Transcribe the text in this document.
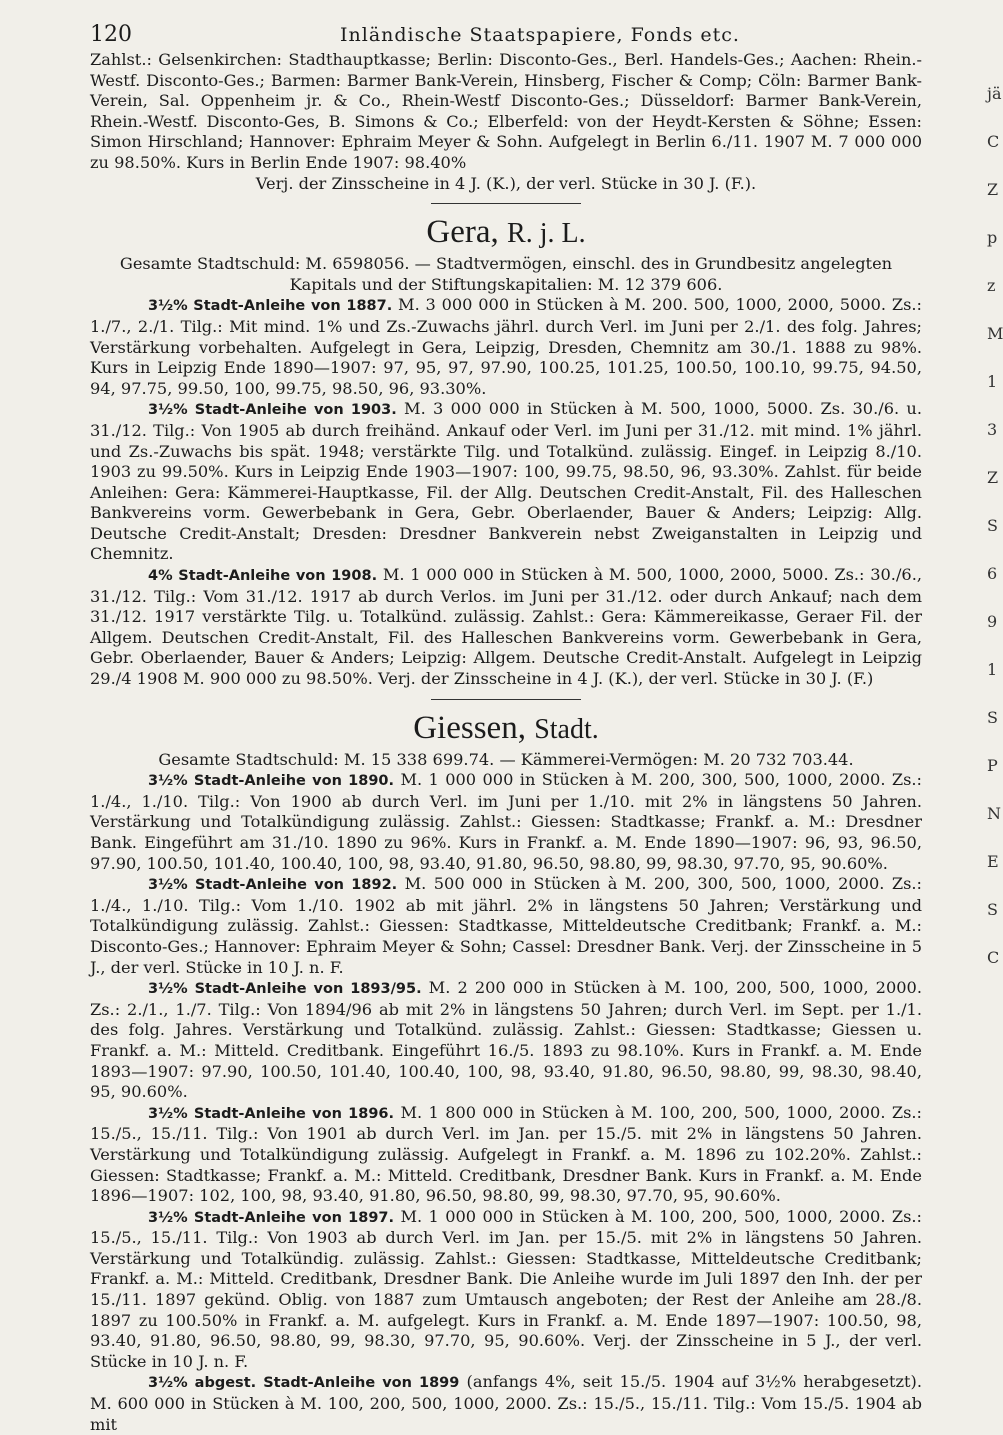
120	Inländische Staatspapiere, Fonds etc.

Zahlst.: Gelsenkirchen: Stadthauptkasse; Berlin: Disconto-Ges., Berl. Handels-Ges.; Aachen: Rhein.-Westf. Disconto-Ges.; Barmen: Barmer Bank-Verein, Hinsberg, Fischer & Comp; Cöln: Barmer Bank-Verein, Sal. Oppenheim jr. & Co., Rhein-Westf Disconto-Ges.; Düsseldorf: Barmer Bank-Verein, Rhein.-Westf. Disconto-Ges, B. Simons & Co.; Elberfeld: von der Heydt-Kersten & Söhne; Essen: Simon Hirschland; Hannover: Ephraim Meyer & Sohn. Aufgelegt in Berlin 6./11. 1907 M. 7 000 000 zu 98.50%. Kurs in Berlin Ende 1907: 98.40%

Verj. der Zinsscheine in 4 J. (K.), der verl. Stücke in 30 J. (F.).

Gera, R. j. L.

Gesamte Stadtschuld: M. 6598056. — Stadtvermögen, einschl. des in Grundbesitz angelegten Kapitals und der Stiftungskapitalien: M. 12 379 606.

3½% Stadt-Anleihe von 1887. M. 3 000 000 in Stücken à M. 200. 500, 1000, 2000, 5000. Zs.: 1./7., 2./1. Tilg.: Mit mind. 1% und Zs.-Zuwachs jährl. durch Verl. im Juni per 2./1. des folg. Jahres; Verstärkung vorbehalten. Aufgelegt in Gera, Leipzig, Dresden, Chemnitz am 30./1. 1888 zu 98%. Kurs in Leipzig Ende 1890—1907: 97, 95, 97, 97.90, 100.25, 101.25, 100.50, 100.10, 99.75, 94.50, 94, 97.75, 99.50, 100, 99.75, 98.50, 96, 93.30%.

3½% Stadt-Anleihe von 1903. M. 3 000 000 in Stücken à M. 500, 1000, 5000. Zs. 30./6. u. 31./12. Tilg.: Von 1905 ab durch freihänd. Ankauf oder Verl. im Juni per 31./12. mit mind. 1% jährl. und Zs.-Zuwachs bis spät. 1948; verstärkte Tilg. und Totalkünd. zulässig. Eingef. in Leipzig 8./10. 1903 zu 99.50%. Kurs in Leipzig Ende 1903—1907: 100, 99.75, 98.50, 96, 93.30%. Zahlst. für beide Anleihen: Gera: Kämmerei-Hauptkasse, Fil. der Allg. Deutschen Credit-Anstalt, Fil. des Halleschen Bankvereins vorm. Gewerbebank in Gera, Gebr. Oberlaender, Bauer & Anders; Leipzig: Allg. Deutsche Credit-Anstalt; Dresden: Dresdner Bankverein nebst Zweiganstalten in Leipzig und Chemnitz.

4% Stadt-Anleihe von 1908. M. 1 000 000 in Stücken à M. 500, 1000, 2000, 5000. Zs.: 30./6., 31./12. Tilg.: Vom 31./12. 1917 ab durch Verlos. im Juni per 31./12. oder durch Ankauf; nach dem 31./12. 1917 verstärkte Tilg. u. Totalkünd. zulässig. Zahlst.: Gera: Kämmereikasse, Geraer Fil. der Allgem. Deutschen Credit-Anstalt, Fil. des Halleschen Bankvereins vorm. Gewerbebank in Gera, Gebr. Oberlaender, Bauer & Anders; Leipzig: Allgem. Deutsche Credit-Anstalt. Aufgelegt in Leipzig 29./4 1908 M. 900 000 zu 98.50%. Verj. der Zinsscheine in 4 J. (K.), der verl. Stücke in 30 J. (F.)

Giessen, Stadt.

Gesamte Stadtschuld: M. 15 338 699.74. — Kämmerei-Vermögen: M. 20 732 703.44.

3½% Stadt-Anleihe von 1890. M. 1 000 000 in Stücken à M. 200, 300, 500, 1000, 2000. Zs.: 1./4., 1./10. Tilg.: Von 1900 ab durch Verl. im Juni per 1./10. mit 2% in längstens 50 Jahren. Verstärkung und Totalkündigung zulässig. Zahlst.: Giessen: Stadtkasse; Frankf. a. M.: Dresdner Bank. Eingeführt am 31./10. 1890 zu 96%. Kurs in Frankf. a. M. Ende 1890—1907: 96, 93, 96.50, 97.90, 100.50, 101.40, 100.40, 100, 98, 93.40, 91.80, 96.50, 98.80, 99, 98.30, 97.70, 95, 90.60%.

3½% Stadt-Anleihe von 1892. M. 500 000 in Stücken à M. 200, 300, 500, 1000, 2000. Zs.: 1./4., 1./10. Tilg.: Vom 1./10. 1902 ab mit jährl. 2% in längstens 50 Jahren; Verstärkung und Totalkündigung zulässig. Zahlst.: Giessen: Stadtkasse, Mitteldeutsche Creditbank; Frankf. a. M.: Disconto-Ges.; Hannover: Ephraim Meyer & Sohn; Cassel: Dresdner Bank. Verj. der Zinsscheine in 5 J., der verl. Stücke in 10 J. n. F.

3½% Stadt-Anleihe von 1893/95. M. 2 200 000 in Stücken à M. 100, 200, 500, 1000, 2000. Zs.: 2./1., 1./7. Tilg.: Von 1894/96 ab mit 2% in längstens 50 Jahren; durch Verl. im Sept. per 1./1. des folg. Jahres. Verstärkung und Totalkünd. zulässig. Zahlst.: Giessen: Stadtkasse; Giessen u. Frankf. a. M.: Mitteld. Creditbank. Eingeführt 16./5. 1893 zu 98.10%. Kurs in Frankf. a. M. Ende 1893—1907: 97.90, 100.50, 101.40, 100.40, 100, 98, 93.40, 91.80, 96.50, 98.80, 99, 98.30, 98.40, 95, 90.60%.

3½% Stadt-Anleihe von 1896. M. 1 800 000 in Stücken à M. 100, 200, 500, 1000, 2000. Zs.: 15./5., 15./11. Tilg.: Von 1901 ab durch Verl. im Jan. per 15./5. mit 2% in längstens 50 Jahren. Verstärkung und Totalkündigung zulässig. Aufgelegt in Frankf. a. M. 1896 zu 102.20%. Zahlst.: Giessen: Stadtkasse; Frankf. a. M.: Mitteld. Creditbank, Dresdner Bank. Kurs in Frankf. a. M. Ende 1896—1907: 102, 100, 98, 93.40, 91.80, 96.50, 98.80, 99, 98.30, 97.70, 95, 90.60%.

3½% Stadt-Anleihe von 1897. M. 1 000 000 in Stücken à M. 100, 200, 500, 1000, 2000. Zs.: 15./5., 15./11. Tilg.: Von 1903 ab durch Verl. im Jan. per 15./5. mit 2% in längstens 50 Jahren. Verstärkung und Totalkündig. zulässig. Zahlst.: Giessen: Stadtkasse, Mitteldeutsche Creditbank; Frankf. a. M.: Mitteld. Creditbank, Dresdner Bank. Die Anleihe wurde im Juli 1897 den Inh. der per 15./11. 1897 gekünd. Oblig. von 1887 zum Umtausch angeboten; der Rest der Anleihe am 28./8. 1897 zu 100.50% in Frankf. a. M. aufgelegt. Kurs in Frankf. a. M. Ende 1897—1907: 100.50, 98, 93.40, 91.80, 96.50, 98.80, 99, 98.30, 97.70, 95, 90.60%. Verj. der Zinsscheine in 5 J., der verl. Stücke in 10 J. n. F.

3½% abgest. Stadt-Anleihe von 1899 (anfangs 4%, seit 15./5. 1904 auf 3½% herabgesetzt). M. 600 000 in Stücken à M. 100, 200, 500, 1000, 2000. Zs.: 15./5., 15./11. Tilg.: Vom 15./5. 1904 ab mit

jä
C
Z
p
z
M
1
3
Z
S
6
9
1
S
P
N
E
S
C
